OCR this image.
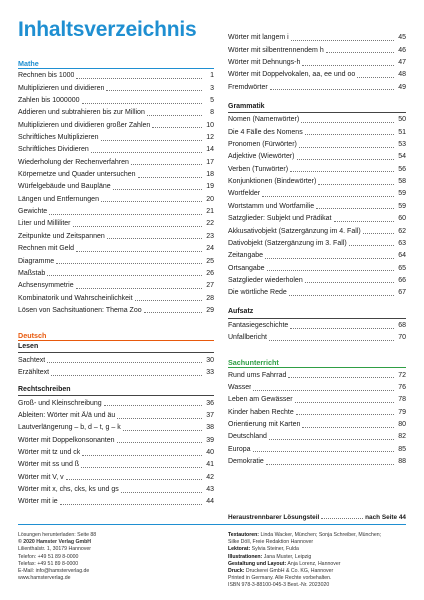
Inhaltsverzeichnis
Mathe
Rechnen bis 1000	1
Multiplizieren und dividieren	3
Zahlen bis 1000000	5
Addieren und subtrahieren bis zur Million	8
Multiplizieren und dividieren großer Zahlen	10
Schriftliches Multiplizieren	12
Schriftliches Dividieren	14
Wiederholung der Rechenverfahren	17
Körpernetze und Quader untersuchen	18
Würfelgebäude und Baupläne	19
Längen und Entfernungen	20
Gewichte	21
Liter und Milliliter	22
Zeitpunkte und Zeitspannen	23
Rechnen mit Geld	24
Diagramme	25
Maßstab	26
Achsensymmetrie	27
Kombinatorik und Wahrscheinlichkeit	28
Lösen von Sachsituationen: Thema Zoo	29
Deutsch
Lesen
Sachtext	30
Erzähltext	33
Rechtschreiben
Groß- und Kleinschreibung	36
Ableiten: Wörter mit Ä/ä und äu	37
Lautverlängerung – b, d – t, g – k	38
Wörter mit Doppelkonsonanten	39
Wörter mit tz und ck	40
Wörter mit ss und ß	41
Wörter mit V, v	42
Wörter mit x, chs, cks, ks und gs	43
Wörter mit ie	44
Wörter mit langem i	45
Wörter mit silbentrennendem h	46
Wörter mit Dehnungs-h	47
Wörter mit Doppelvokalen, aa, ee und oo	48
Fremdwörter	49
Grammatik
Nomen (Namenwörter)	50
Die 4 Fälle des Nomens	51
Pronomen (Fürwörter)	53
Adjektive (Wiewörter)	54
Verben (Tunwörter)	56
Konjunktionen (Bindewörter)	58
Wortfelder	59
Wortstamm und Wortfamilie	59
Satzglieder: Subjekt und Prädikat	60
Akkusativobjekt (Satzergänzung im 4. Fall)	62
Dativobjekt (Satzergänzung im 3. Fall)	63
Zeitangabe	64
Ortsangabe	65
Satzglieder wiederholen	66
Die wörtliche Rede	67
Aufsatz
Fantasiegeschichte	68
Unfallbericht	70
Sachunterricht
Rund ums Fahrrad	72
Wasser	76
Leben am Gewässer	78
Kinder haben Rechte	79
Orientierung mit Karten	80
Deutschland	82
Europa	85
Demokratie	88
Heraustrennbarer Lösungsteil	nach Seite 44
Lösungen herunterladen: Seite 88
© 2020 Hamster Verlag GmbH
Lilienthalstr. 1, 30179 Hannover
Telefon: +49 51 89 8-0000
Telefax: +49 51 89 8-0000
E-Mail: info@hamsterverlag.de
www.hamsterverlag.de
Textautoren: Linda Wacker, München; Sonja Schreiber, München;
Silke Döll, Freie Redaktion Hannover
Lektorat: Sylvia Steiner, Fulda
Illustrationen: Jana Muster, Leipzig
Gestaltung und Layout: Anja Lorenz, Hannover
Druck: Druckerei GmbH & Co. KG, Hannover
Printed in Germany. Alle Rechte vorbehalten.
ISBN 978-3-88100-045-3 Best.-Nr. 2023020
